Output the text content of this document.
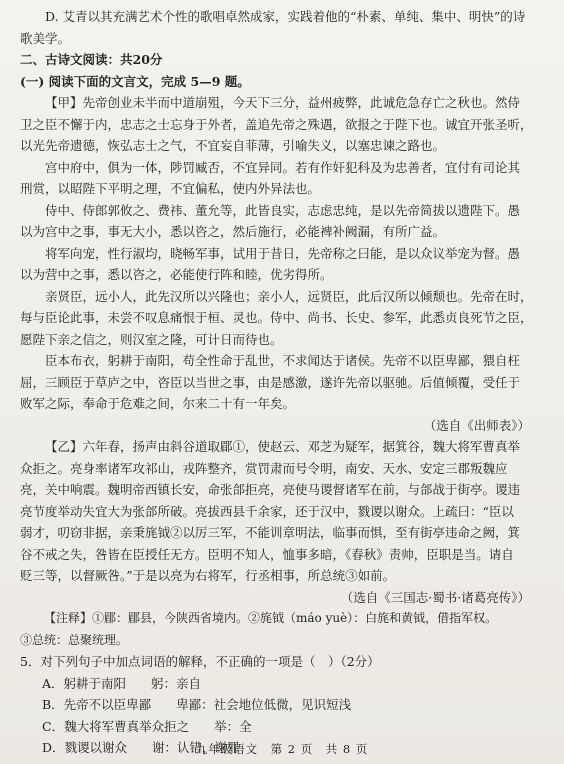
D. 艾青以其充满艺术个性的歌唱卓然成家，实践着他的“朴素、单纯、集中、明快”的诗
歌美学。
二、古诗文阅读：共20分
(一) 阅读下面的文言文，完成 5—9 题。
【甲】先帝创业未半而中道崩殂，今天下三分，益州疲弊，此诚危急存亡之秋也。然侍
卫之臣不懈于内，忠志之士忘身于外者，盖追先帝之殊遇，欲报之于陛下也。诚宜开张圣听，
以光先帝遗德，恢弘志士之气，不宜妄自菲薄，引喻失义，以塞忠谏之路也。
宫中府中，俱为一体，陟罚臧否，不宜异同。若有作奸犯科及为忠善者，宜付有司论其
刑赏，以昭陛下平明之理，不宜偏私，使内外异法也。
侍中、侍郎郭攸之、费祎、董允等，此皆良实，志虑忠纯，是以先帝简拔以遗陛下。愚
以为宫中之事，事无大小，悉以咨之，然后施行，必能裨补阙漏，有所广益。
将军向宠，性行淑均，晓畅军事，试用于昔日，先帝称之曰能，是以众议举宠为督。愚
以为营中之事，悉以咨之，必能使行阵和睦，优劣得所。
亲贤臣，远小人，此先汉所以兴隆也；亲小人，远贤臣，此后汉所以倾颓也。先帝在时，
每与臣论此事，未尝不叹息痛恨于桓、灵也。侍中、尚书、长史、参军，此悉贞良死节之臣，
愿陛下亲之信之，则汉室之隆，可计日而待也。
臣本布衣，躬耕于南阳，苟全性命于乱世，不求闻达于诸侯。先帝不以臣卑鄙，猥自枉
屈，三顾臣于草庐之中，咨臣以当世之事，由是感激，遂许先帝以驱驰。后值倾覆，受任于
败军之际，奉命于危难之间，尔来二十有一年矣。
（选自《出师表》）
【乙】六年春，扬声由斜谷道取郿①，使赵云、邓芝为疑军，据箕谷，魏大将军曹真举
众拒之。亮身率诸军攻祁山，戎阵整齐，赏罚肃而号令明，南安、天水、安定三郡叛魏应
亮，关中响震。魏明帝西镇长安，命张郃拒亮，亮使马谡督诸军在前，与郃战于街亭。谡违
亮节度举动失宜大为张郃所破。亮拔西县千余家，还于汉中，戮谡以谢众。上疏曰：“臣以
弱才，叨窃非据，亲秉旄钺②以厉三军，不能训章明法，临事而惧，至有街亭违命之阙，箕
谷不戒之失，咎皆在臣授任无方。臣明不知人，恤事多暗，《春秋》责帅，臣职是当。请自
贬三等，以督厥咎。”于是以亮为右将军，行丞相事，所总统③如前。
（选自《三国志·蜀书·诸葛亮传》）
【注释】①郿：郿县，今陕西省境内。②旄钺（máo yuè）：白旄和黄钺，借指军权。
③总统：总聚统理。
5．对下列句子中加点词语的解释，不正确的一项是（　）（2分）
A．躬耕于南阳　　躬：亲自
B．先帝不以臣卑鄙　　卑鄙：社会地位低微，见识短浅
C．魏大将军曹真举众拒之　　举：全
D．戮谡以谢众　　谢：认错，谢罪
九年级语文　第 2 页　共 8 页
